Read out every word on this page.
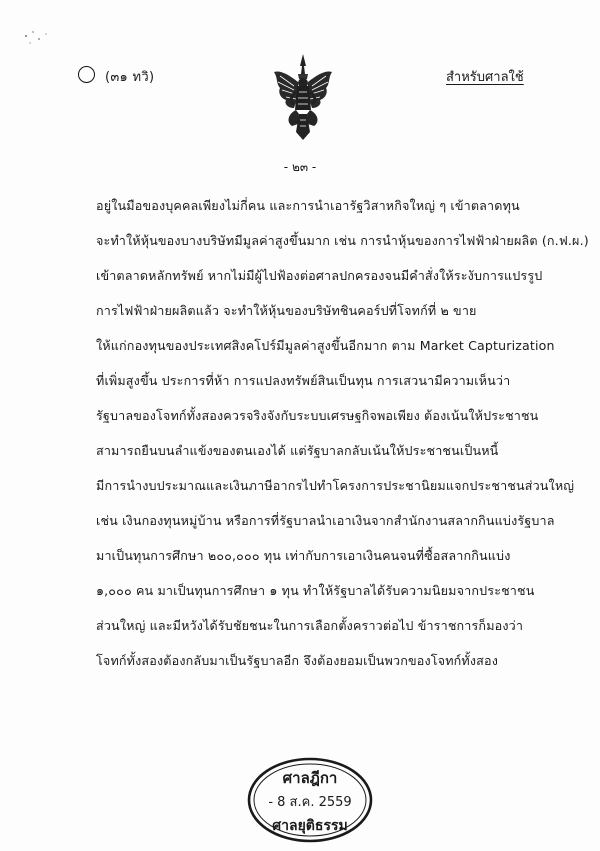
(๓๑ ทวิ)	สำหรับศาลใช้
- ๒๓ -
อยู่ในมือของบุคคลเพียงไม่กี่คน และการนำเอารัฐวิสาหกิจใหญ่ ๆ เข้าตลาดทุน
จะทำให้หุ้นของบางบริษัทมีมูลค่าสูงขึ้นมาก เช่น การนำหุ้นของการไฟฟ้าฝ่ายผลิต (ก.ฟ.ผ.)
เข้าตลาดหลักทรัพย์ หากไม่มีผู้ไปฟ้องต่อศาลปกครองจนมีคำสั่งให้ระงับการแปรรูป
การไฟฟ้าฝ่ายผลิตแล้ว จะทำให้หุ้นของบริษัทชินคอร์ปที่โจทก์ที่ ๒ ขาย
ให้แก่กองทุนของประเทศสิงคโปร์มีมูลค่าสูงขึ้นอีกมาก ตาม Market Capturization
ที่เพิ่มสูงขึ้น ประการที่ห้า การแปลงทรัพย์สินเป็นทุน การเสวนามีความเห็นว่า
รัฐบาลของโจทก์ทั้งสองควรจริงจังกับระบบเศรษฐกิจพอเพียง ต้องเน้นให้ประชาชน
สามารถยืนบนลำแข้งของตนเองได้ แต่รัฐบาลกลับเน้นให้ประชาชนเป็นหนี้
มีการนำงบประมาณและเงินภาษีอากรไปทำโครงการประชานิยมแจกประชาชนส่วนใหญ่
เช่น เงินกองทุนหมู่บ้าน หรือการที่รัฐบาลนำเอาเงินจากสำนักงานสลากกินแบ่งรัฐบาล
มาเป็นทุนการศึกษา ๒๐๐,๐๐๐ ทุน เท่ากับการเอาเงินคนจนที่ซื้อสลากกินแบ่ง
๑,๐๐๐ คน มาเป็นทุนการศึกษา ๑ ทุน ทำให้รัฐบาลได้รับความนิยมจากประชาชน
ส่วนใหญ่ และมีหวังได้รับชัยชนะในการเลือกตั้งคราวต่อไป ข้าราชการก็มองว่า
โจทก์ทั้งสองต้องกลับมาเป็นรัฐบาลอีก จึงต้องยอมเป็นพวกของโจทก์ทั้งสอง
ศาลฎีกา
- 8 ส.ค. 2559
ศาลยุติธรรม
